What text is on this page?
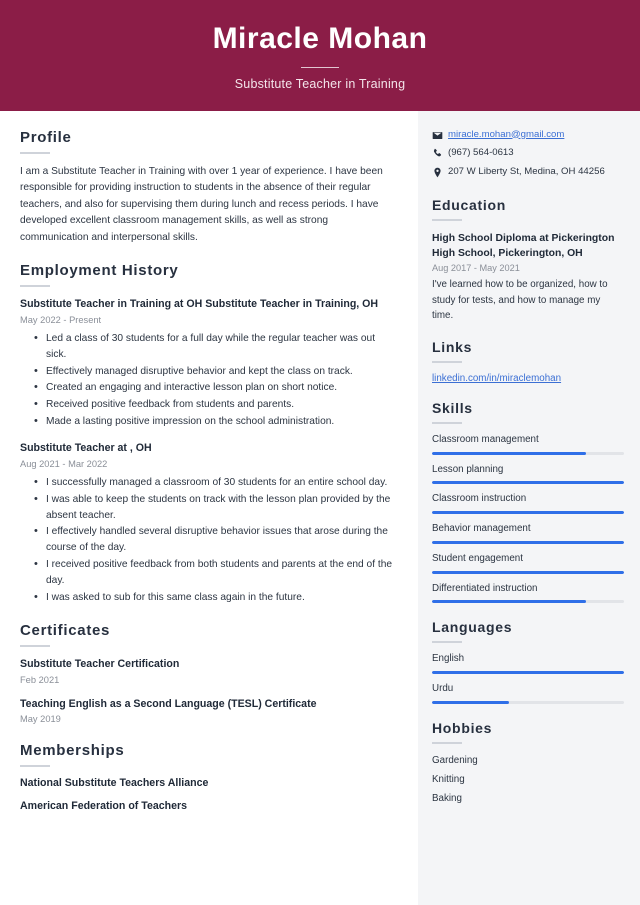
Miracle Mohan
Substitute Teacher in Training
Profile
I am a Substitute Teacher in Training with over 1 year of experience. I have been responsible for providing instruction to students in the absence of their regular teachers, and also for supervising them during lunch and recess periods. I have developed excellent classroom management skills, as well as strong communication and interpersonal skills.
Employment History
Substitute Teacher in Training at OH Substitute Teacher in Training, OH
May 2022 - Present
• Led a class of 30 students for a full day while the regular teacher was out sick.
• Effectively managed disruptive behavior and kept the class on track.
• Created an engaging and interactive lesson plan on short notice.
• Received positive feedback from students and parents.
• Made a lasting positive impression on the school administration.
Substitute Teacher at , OH
Aug 2021 - Mar 2022
• I successfully managed a classroom of 30 students for an entire school day.
• I was able to keep the students on track with the lesson plan provided by the absent teacher.
• I effectively handled several disruptive behavior issues that arose during the course of the day.
• I received positive feedback from both students and parents at the end of the day.
• I was asked to sub for this same class again in the future.
Certificates
Substitute Teacher Certification
Feb 2021
Teaching English as a Second Language (TESL) Certificate
May 2019
Memberships
National Substitute Teachers Alliance
American Federation of Teachers
miracle.mohan@gmail.com
(967) 564-0613
207 W Liberty St, Medina, OH 44256
Education
High School Diploma at Pickerington High School, Pickerington, OH
Aug 2017 - May 2021
I've learned how to be organized, how to study for tests, and how to manage my time.
Links
linkedin.com/in/miraclemohan
Skills
Classroom management
Lesson planning
Classroom instruction
Behavior management
Student engagement
Differentiated instruction
Languages
English
Urdu
Hobbies
Gardening
Knitting
Baking
